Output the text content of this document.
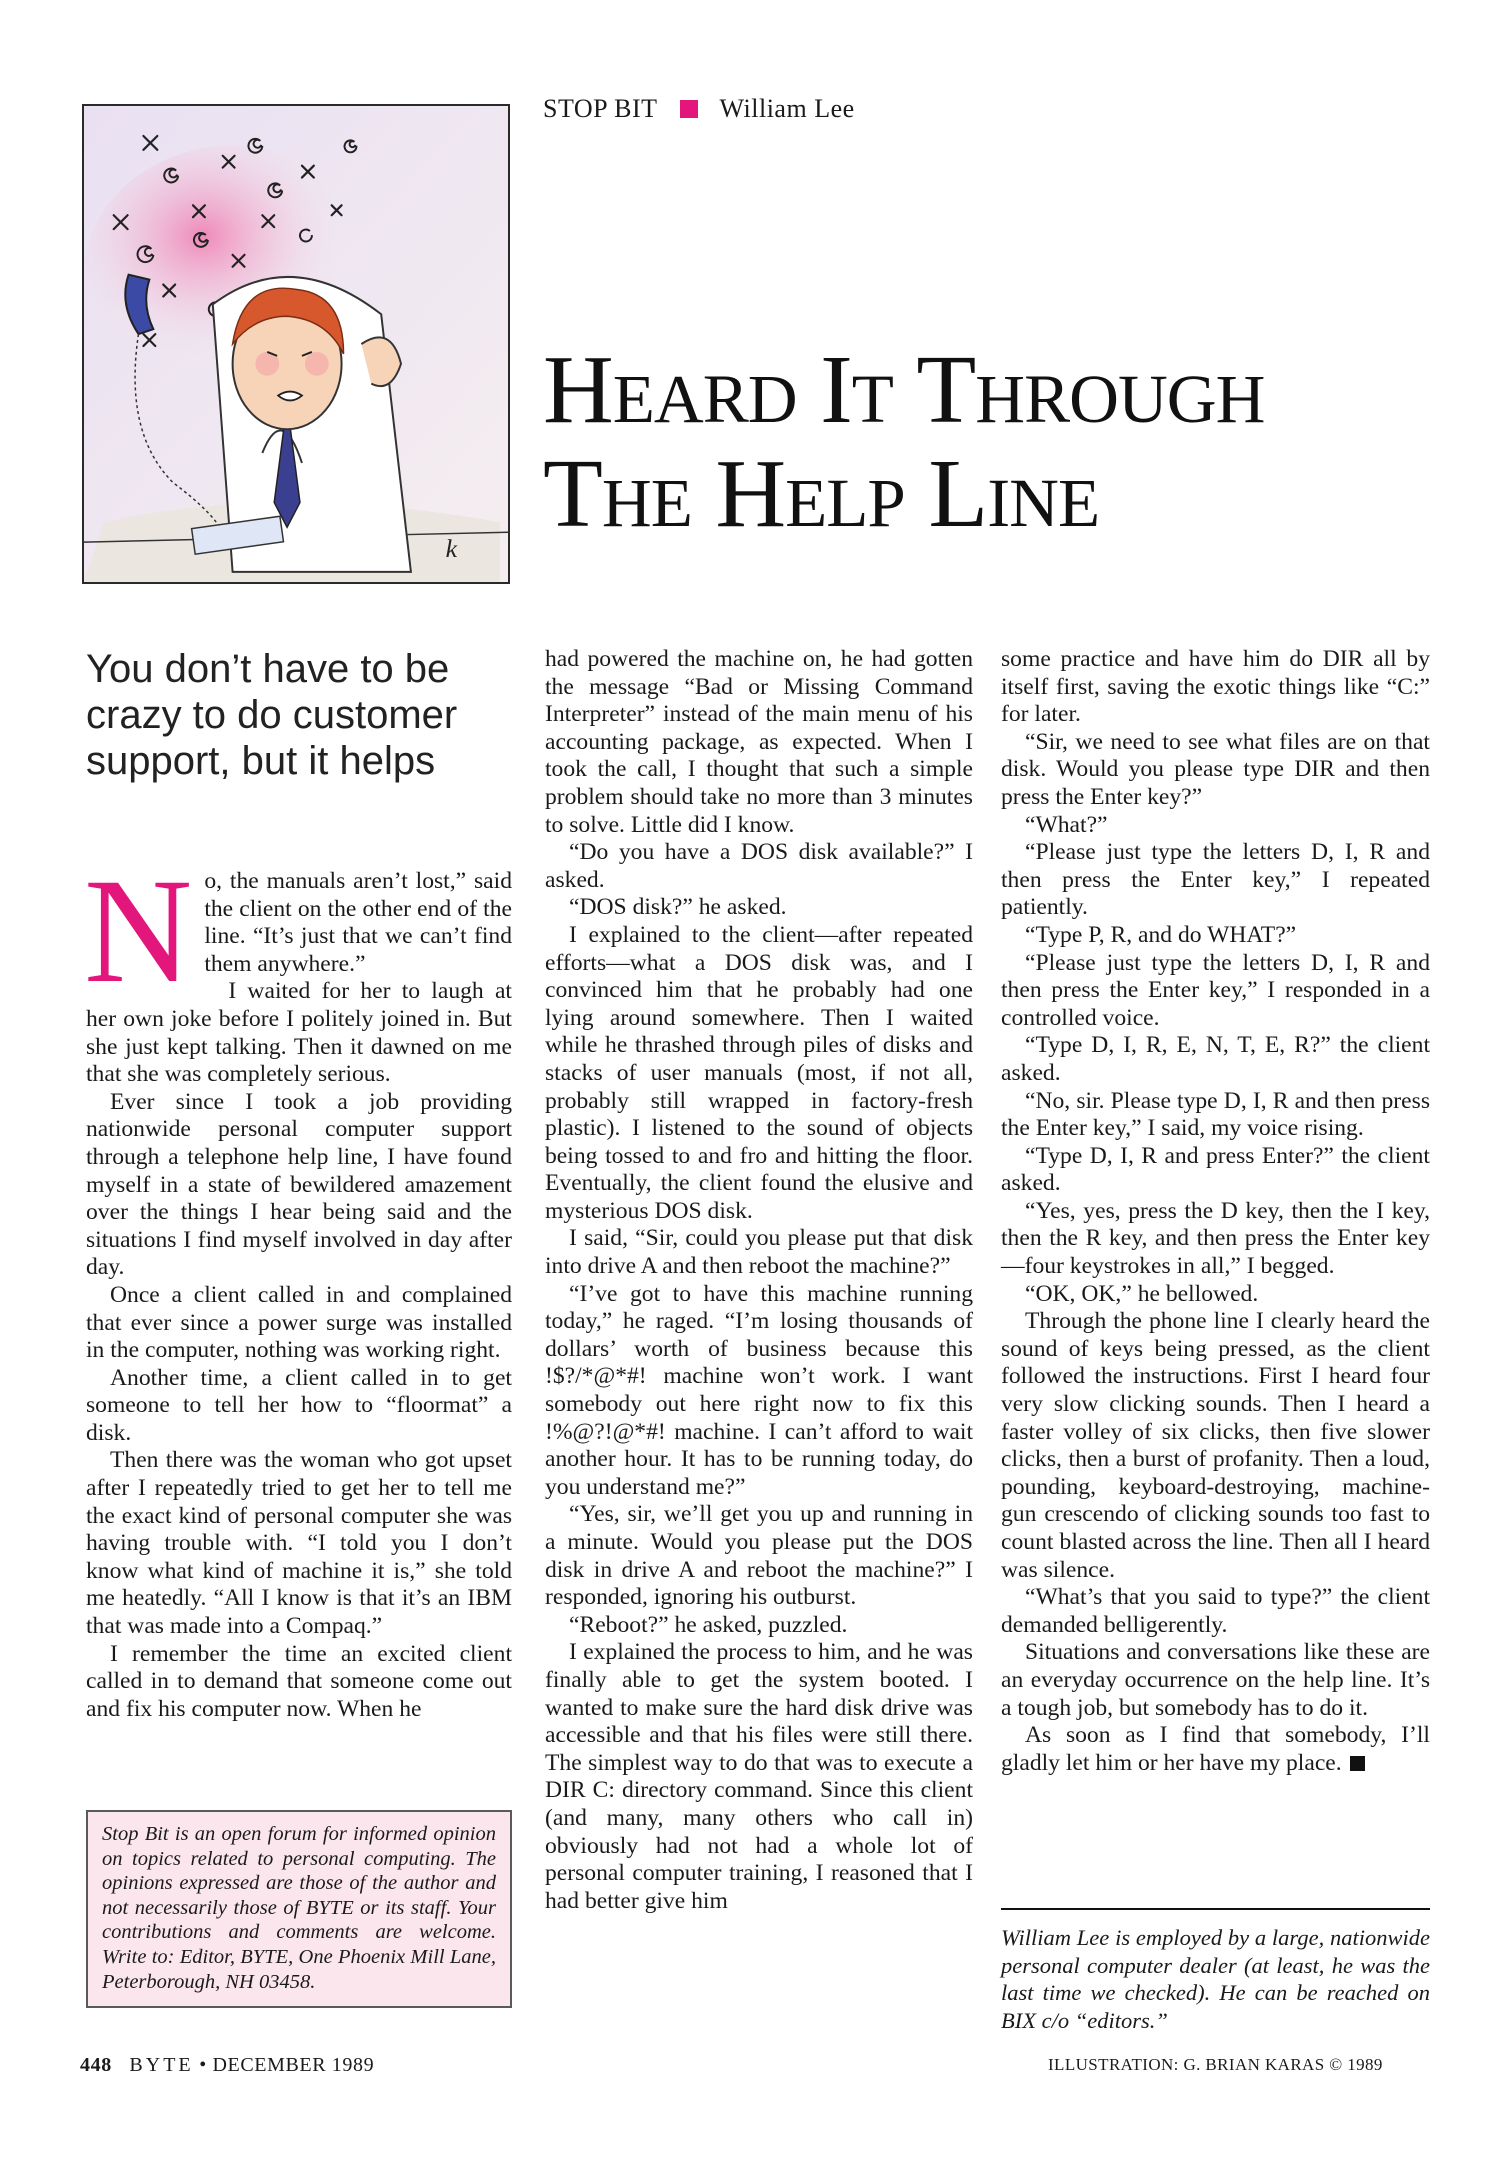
k
STOP BIT William Lee
Heard It Through
The Help Line
You don’t have to be crazy to do customer support, but it helps

No, the manuals aren’t lost,” said the client on the other end of the line. “It’s just that we can’t find them anywhere.”

I waited for her to laugh at her own joke before I politely joined in. But she just kept talking. Then it dawned on me that she was completely serious.

Ever since I took a job providing nationwide personal computer support through a telephone help line, I have found myself in a state of bewildered amazement over the things I hear being said and the situations I find myself involved in day after day.

Once a client called in and complained that ever since a power surge was installed in the computer, nothing was working right.

Another time, a client called in to get someone to tell her how to “floormat” a disk.

Then there was the woman who got upset after I repeatedly tried to get her to tell me the exact kind of personal computer she was having trouble with. “I told you I don’t know what kind of machine it is,” she told me heatedly. “All I know is that it’s an IBM that was made into a Compaq.”

I remember the time an excited client called in to demand that someone come out and fix his computer now. When he

Stop Bit is an open forum for informed opinion on topics related to personal computing. The opinions expressed are those of the author and not necessarily those of BYTE or its staff. Your contributions and comments are welcome. Write to: Editor, BYTE, One Phoenix Mill Lane, Peterborough, NH 03458.

had powered the machine on, he had gotten the message “Bad or Missing Command Interpreter” instead of the main menu of his accounting package, as expected. When I took the call, I thought that such a simple problem should take no more than 3 minutes to solve. Little did I know.

“Do you have a DOS disk available?” I asked.

“DOS disk?” he asked.

I explained to the client—after repeated efforts—what a DOS disk was, and I convinced him that he probably had one lying around somewhere. Then I waited while he thrashed through piles of disks and stacks of user manuals (most, if not all, probably still wrapped in factory-fresh plastic). I listened to the sound of objects being tossed to and fro and hitting the floor. Eventually, the client found the elusive and mysterious DOS disk.

I said, “Sir, could you please put that disk into drive A and then reboot the machine?”

“I’ve got to have this machine running today,” he raged. “I’m losing thousands of dollars’ worth of business because this !$?/*@*#! machine won’t work. I want somebody out here right now to fix this !%@?!@*#! machine. I can’t afford to wait another hour. It has to be running today, do you understand me?”

“Yes, sir, we’ll get you up and running in a minute. Would you please put the DOS disk in drive A and reboot the machine?” I responded, ignoring his outburst.

“Reboot?” he asked, puzzled.

I explained the process to him, and he was finally able to get the system booted. I wanted to make sure the hard disk drive was accessible and that his files were still there. The simplest way to do that was to execute a DIR C: directory command. Since this client (and many, many others who call in) obviously had not had a whole lot of personal computer training, I reasoned that I had better give him

some practice and have him do DIR all by itself first, saving the exotic things like “C:” for later.

“Sir, we need to see what files are on that disk. Would you please type DIR and then press the Enter key?”

“What?”

“Please just type the letters D, I, R and then press the Enter key,” I repeated patiently.

“Type P, R, and do WHAT?”

“Please just type the letters D, I, R and then press the Enter key,” I responded in a controlled voice.

“Type D, I, R, E, N, T, E, R?” the client asked.

“No, sir. Please type D, I, R and then press the Enter key,” I said, my voice rising.

“Type D, I, R and press Enter?” the client asked.

“Yes, yes, press the D key, then the I key, then the R key, and then press the Enter key—four keystrokes in all,” I begged.

“OK, OK,” he bellowed.

Through the phone line I clearly heard the sound of keys being pressed, as the client followed the instructions. First I heard four very slow clicking sounds. Then I heard a faster volley of six clicks, then five slower clicks, then a burst of profanity. Then a loud, pounding, keyboard-destroying, machine-gun crescendo of clicking sounds too fast to count blasted across the line. Then all I heard was silence.

“What’s that you said to type?” the client demanded belligerently.

Situations and conversations like these are an everyday occurrence on the help line. It’s a tough job, but somebody has to do it.

As soon as I find that somebody, I’ll gladly let him or her have my place.

William Lee is employed by a large, nationwide personal computer dealer (at least, he was the last time we checked). He can be reached on BIX c/o “editors.”
448 BYTE • DECEMBER 1989	ILLUSTRATION: G. BRIAN KARAS © 1989
